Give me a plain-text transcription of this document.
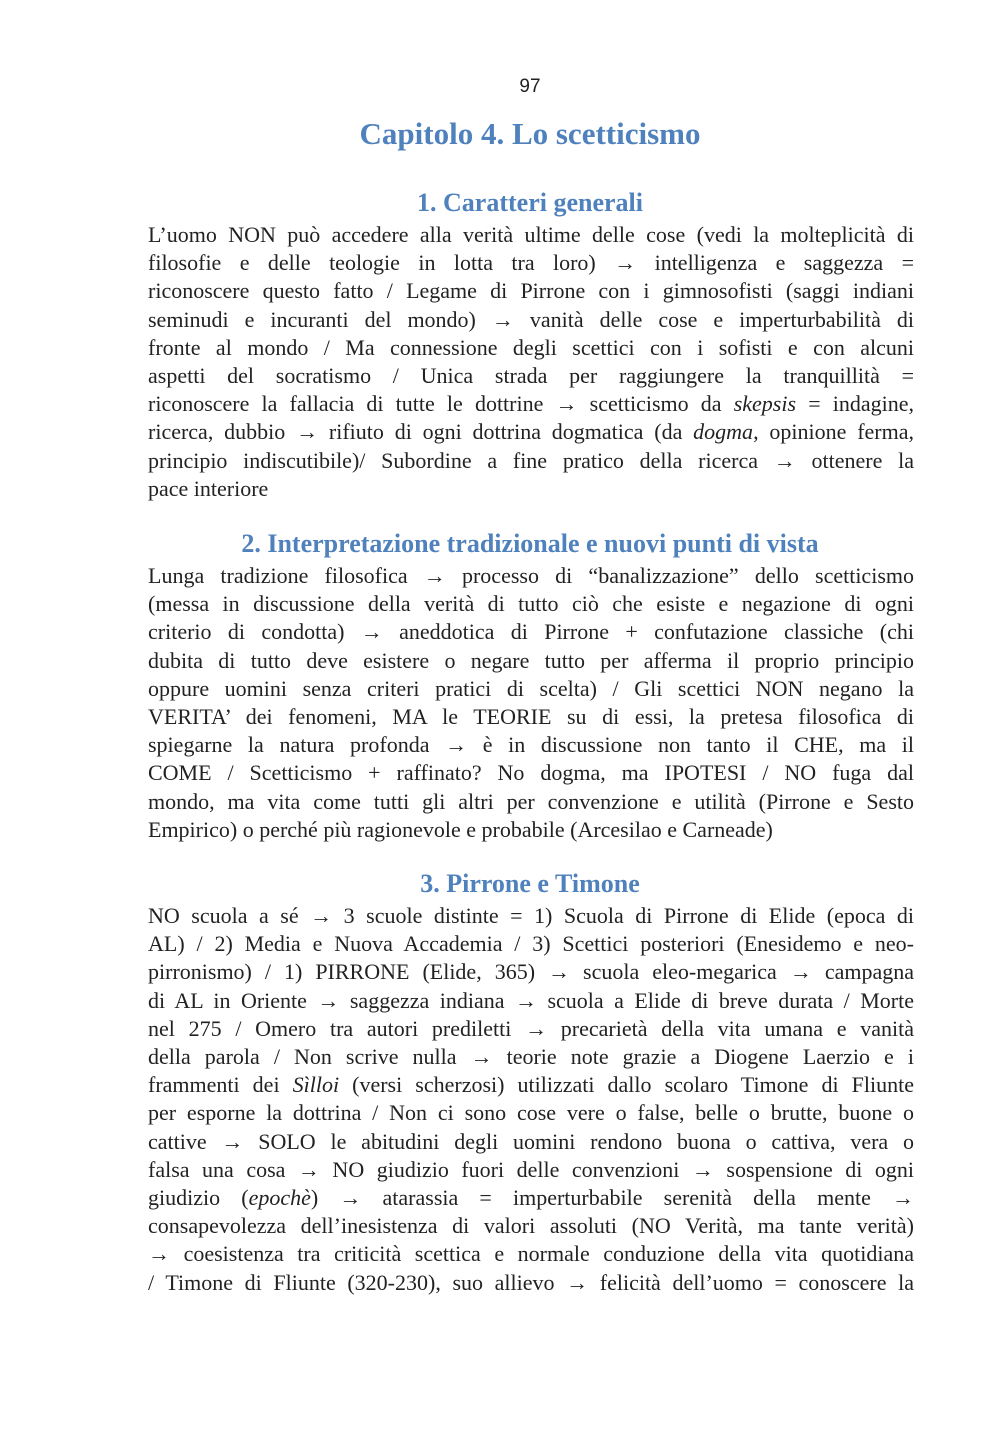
97
Capitolo 4. Lo scetticismo
1. Caratteri generali

L’uomo NON può accedere alla verità ultime delle cose (vedi la molteplicità di
filosofie e delle teologie in lotta tra loro) → intelligenza e saggezza =
riconoscere questo fatto / Legame di Pirrone con i gimnosofisti (saggi indiani
seminudi e incuranti del mondo) → vanità delle cose e imperturbabilità di
fronte al mondo / Ma connessione degli scettici con i sofisti e con alcuni
aspetti del socratismo / Unica strada per raggiungere la tranquillità =
riconoscere la fallacia di tutte le dottrine → scetticismo da skepsis = indagine,
ricerca, dubbio → rifiuto di ogni dottrina dogmatica (da dogma, opinione ferma,
principio indiscutibile)/ Subordine a fine pratico della ricerca → ottenere la
pace interiore

2. Interpretazione tradizionale e nuovi punti di vista

Lunga tradizione filosofica → processo di “banalizzazione” dello scetticismo
(messa in discussione della verità di tutto ciò che esiste e negazione di ogni
criterio di condotta) → aneddotica di Pirrone + confutazione classiche (chi
dubita di tutto deve esistere o negare tutto per afferma il proprio principio
oppure uomini senza criteri pratici di scelta) / Gli scettici NON negano la
VERITA’ dei fenomeni, MA le TEORIE su di essi, la pretesa filosofica di
spiegarne la natura profonda → è in discussione non tanto il CHE, ma il
COME / Scetticismo + raffinato? No dogma, ma IPOTESI / NO fuga dal
mondo, ma vita come tutti gli altri per convenzione e utilità (Pirrone e Sesto
Empirico) o perché più ragionevole e probabile (Arcesilao e Carneade)

3. Pirrone e Timone

NO scuola a sé → 3 scuole distinte = 1) Scuola di Pirrone di Elide (epoca di
AL) / 2) Media e Nuova Accademia / 3) Scettici posteriori (Enesidemo e neo-
pirronismo) / 1) PIRRONE (Elide, 365) → scuola eleo-megarica → campagna
di AL in Oriente → saggezza indiana → scuola a Elide di breve durata / Morte
nel 275 / Omero tra autori prediletti → precarietà della vita umana e vanità
della parola / Non scrive nulla → teorie note grazie a Diogene Laerzio e i
frammenti dei Sìlloi (versi scherzosi) utilizzati dallo scolaro Timone di Fliunte
per esporne la dottrina / Non ci sono cose vere o false, belle o brutte, buone o
cattive → SOLO le abitudini degli uomini rendono buona o cattiva, vera o
falsa una cosa → NO giudizio fuori delle convenzioni → sospensione di ogni
giudizio (epochè) → atarassia = imperturbabile serenità della mente →
consapevolezza dell’inesistenza di valori assoluti (NO Verità, ma tante verità)
→ coesistenza tra criticità scettica e normale conduzione della vita quotidiana
/ Timone di Fliunte (320-230), suo allievo → felicità dell’uomo = conoscere la
